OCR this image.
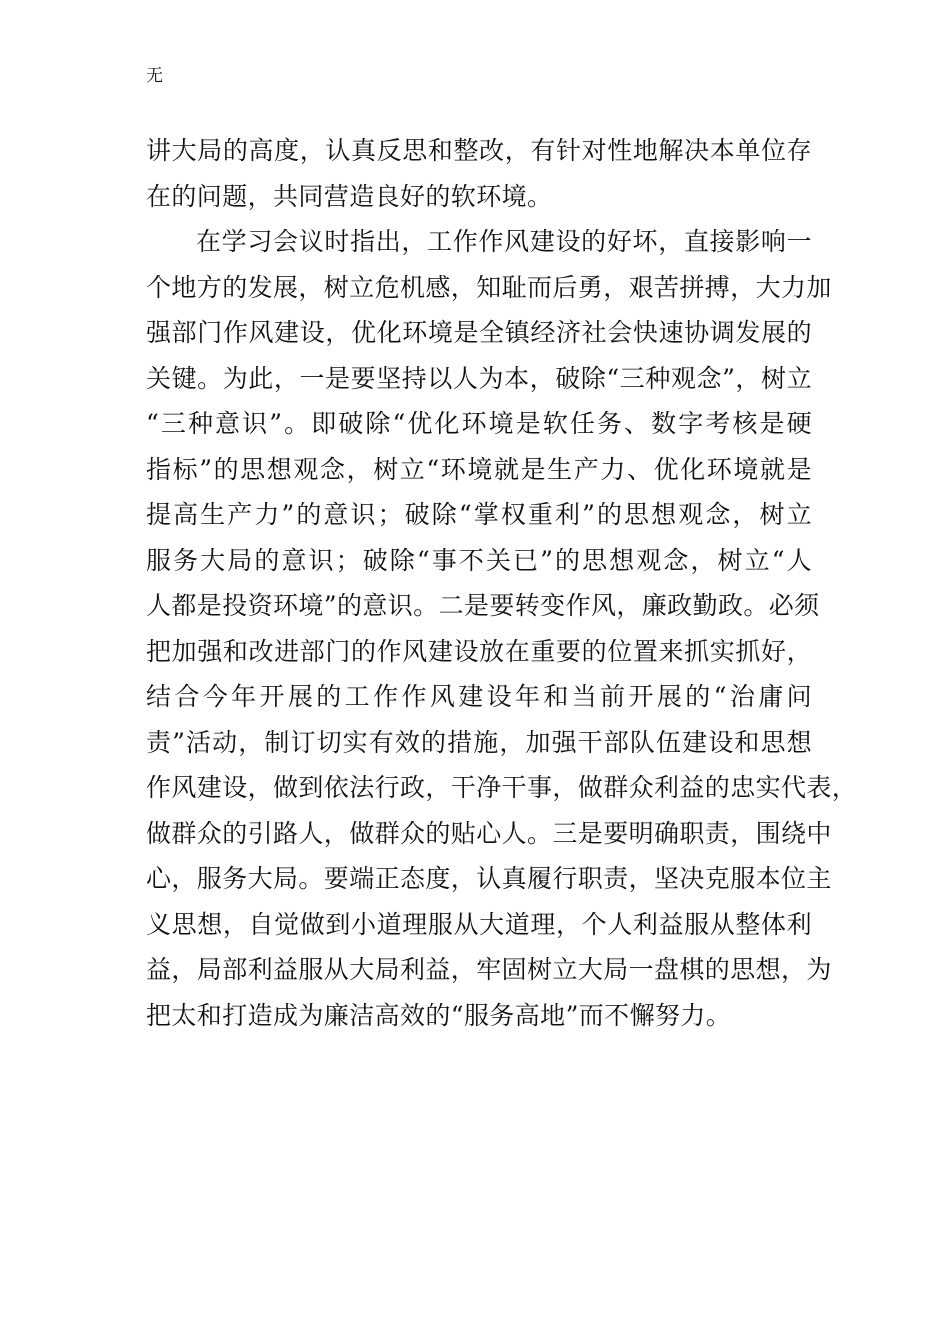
无
讲大局的高度，认真反思和整改，有针对性地解决本单位存
在的问题，共同营造良好的软环境。
在学习会议时指出，工作作风建设的好坏，直接影响一
个地方的发展，树立危机感，知耻而后勇，艰苦拼搏，大力加
强部门作风建设，优化环境是全镇经济社会快速协调发展的
关键。为此，一是要坚持以人为本，破除“三种观念”，树立
“三种意识”。即破除“优化环境是软任务、数字考核是硬
指标”的思想观念，树立“环境就是生产力、优化环境就是
提高生产力”的意识；破除“掌权重利”的思想观念，树立
服务大局的意识；破除“事不关已”的思想观念，树立“人
人都是投资环境”的意识。二是要转变作风，廉政勤政。必须
把加强和改进部门的作风建设放在重要的位置来抓实抓好，
结合今年开展的工作作风建设年和当前开展的“治庸问
责”活动，制订切实有效的措施，加强干部队伍建设和思想
作风建设，做到依法行政，干净干事，做群众利益的忠实代表，
做群众的引路人，做群众的贴心人。三是要明确职责，围绕中
心，服务大局。要端正态度，认真履行职责，坚决克服本位主
义思想，自觉做到小道理服从大道理，个人利益服从整体利
益，局部利益服从大局利益，牢固树立大局一盘棋的思想，为
把太和打造成为廉洁高效的“服务高地”而不懈努力。
